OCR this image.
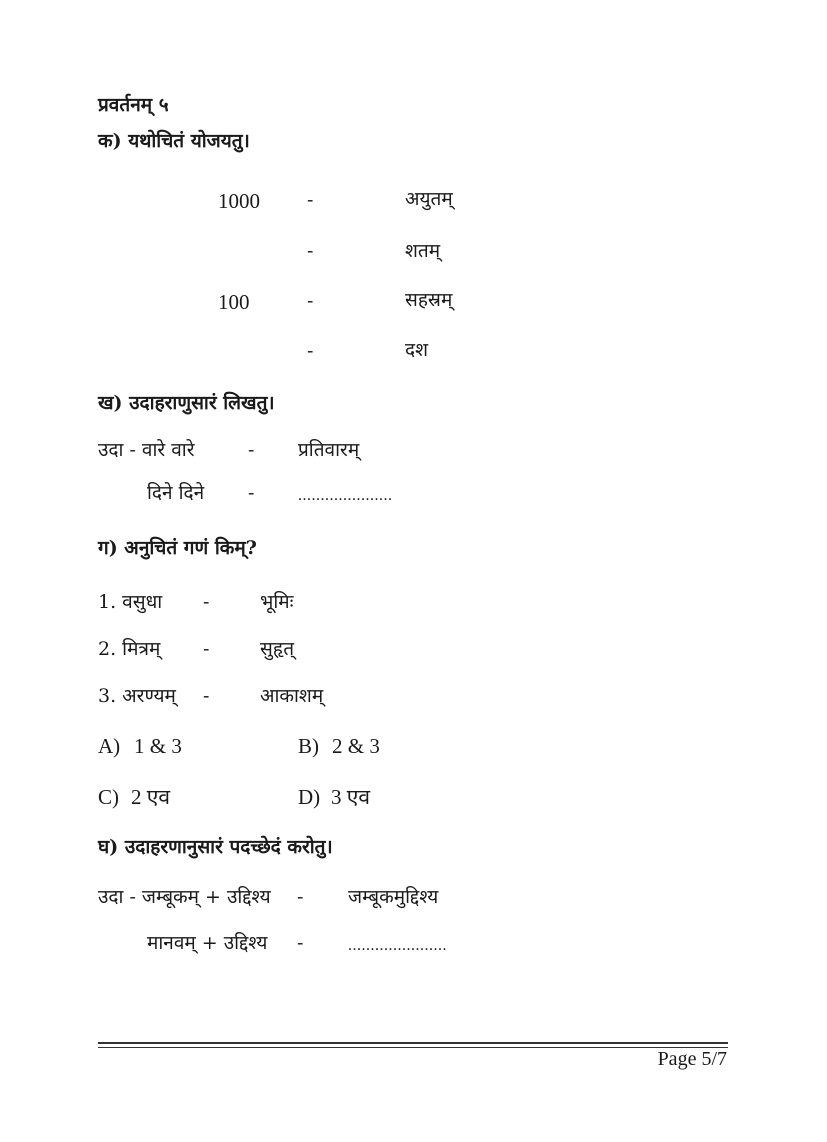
प्रवर्तनम् ५
क) यथोचितं योजयतु।
1000 -	अयुतम्
-	शतम्
100	-	सहस्रम्
-	दश
ख) उदाहराणुसारं लिखतु।
उदा - वारे वारे	- प्रतिवारम्
दिने दिने -	.....................
ग) अनुचितं गणं किम्?
1. वसुधा -	भूमिः
2. मित्रम् -	सुहृत्
3. अरण्यम् -	आकाशम्
A) 1 & 3	B) 2 & 3
C) 2 एव	D) 3 एव
घ) उदाहरणानुसारं पदच्छेदं करोतु।
उदा - जम्बूकम् + उद्दिश्य - जम्बूकमुद्दिश्य
मानवम् + उद्दिश्य -	......................
Page 5/7
